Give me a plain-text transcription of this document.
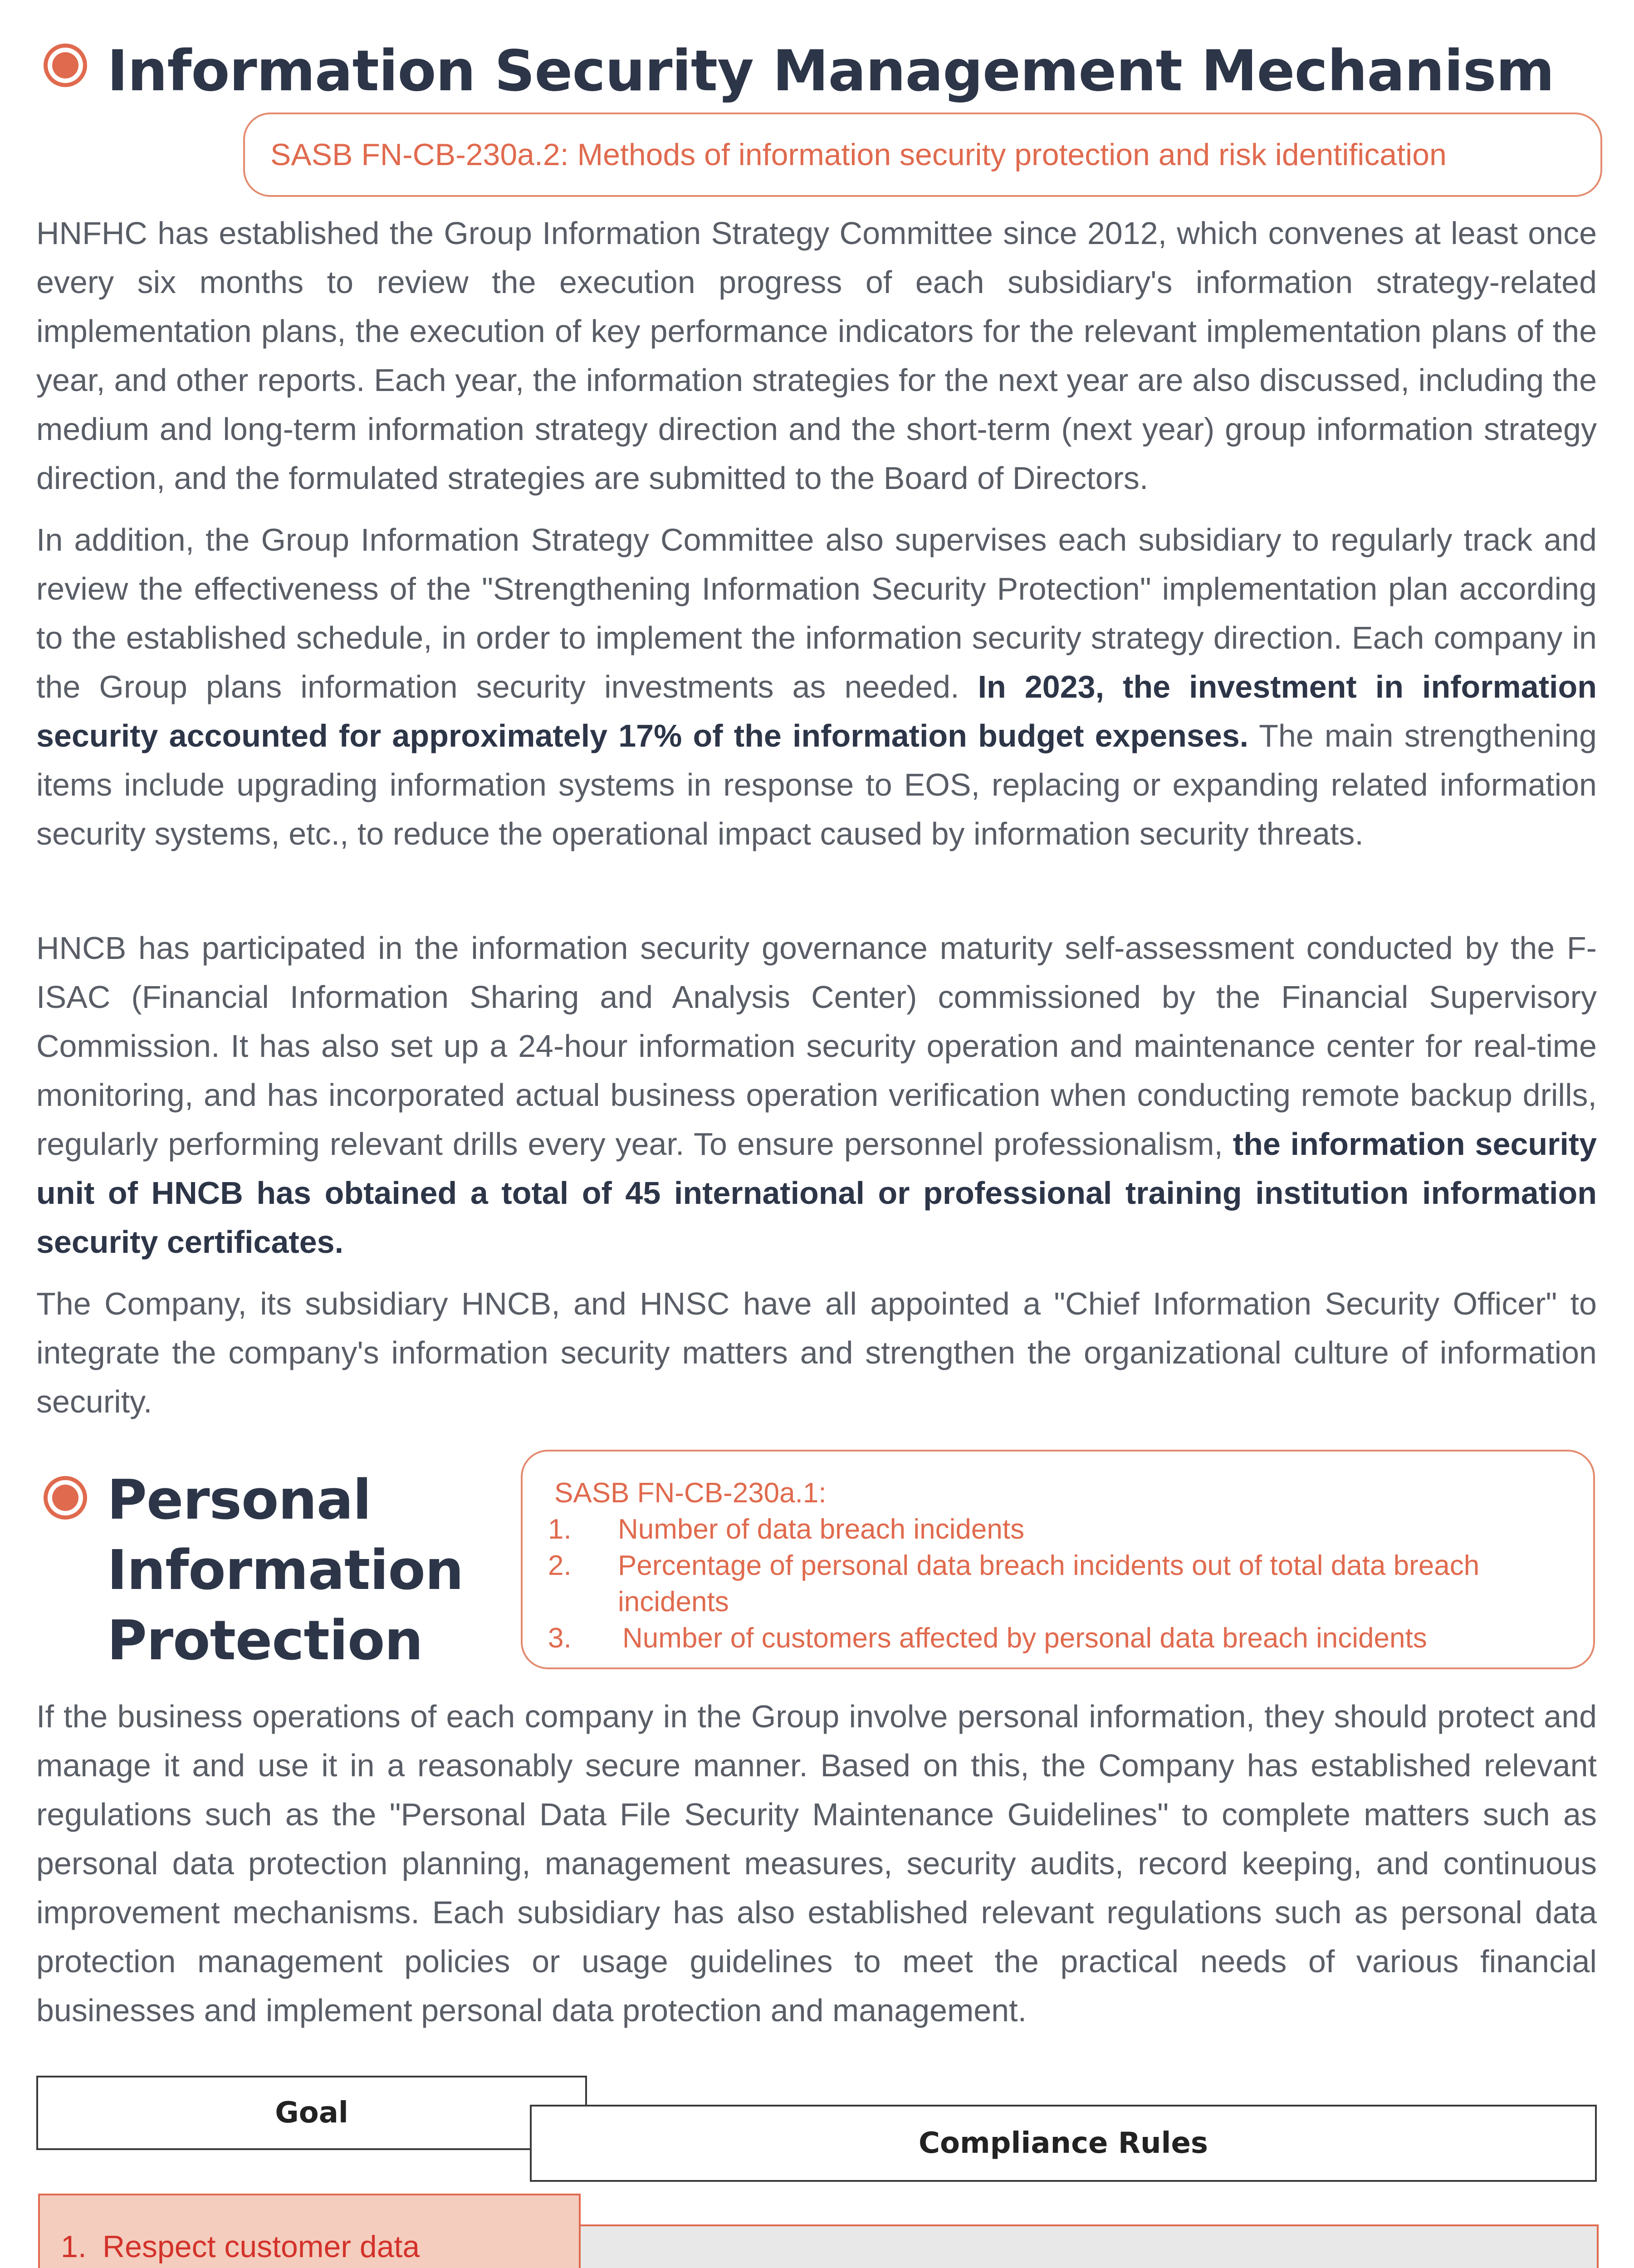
Information Security Management Mechanism
SASB FN-CB-230a.2: Methods of information security protection and risk identification

HNFHC has established the Group Information Strategy Committee since 2012, which convenes at least once every six months to review the execution progress of each subsidiary's information strategy-related implementation plans, the execution of key performance indicators for the relevant implementation plans of the year, and other reports. Each year, the information strategies for the next year are also discussed, including the medium and long-term information strategy direction and the short-term (next year) group information strategy direction, and the formulated strategies are submitted to the Board of Directors.

In addition, the Group Information Strategy Committee also supervises each subsidiary to regularly track and review the effectiveness of the "Strengthening Information Security Protection" implementation plan according to the established schedule, in order to implement the information security strategy direction. Each company in the Group plans information security investments as needed. In 2023, the investment in information security accounted for approximately 17% of the information budget expenses. The main strengthening items include upgrading information systems in response to EOS, replacing or expanding related information security systems, etc., to reduce the operational impact caused by information security threats.

HNCB has participated in the information security governance maturity self-assessment conducted by the F-ISAC (Financial Information Sharing and Analysis Center) commissioned by the Financial Supervisory Commission. It has also set up a 24-hour information security operation and maintenance center for real-time monitoring, and has incorporated actual business operation verification when conducting remote backup drills, regularly performing relevant drills every year. To ensure personnel professionalism, the information security unit of HNCB has obtained a total of 45 international or professional training institution information security certificates.

The Company, its subsidiary HNCB, and HNSC have all appointed a "Chief Information Security Officer" to integrate the company's information security matters and strengthen the organizational culture of information security.

Personal
Information
Protection
SASB FN-CB-230a.1:
1. Number of data breach incidents
2. Percentage of personal data breach incidents out of total data breach incidents
3. Number of customers affected by personal data breach incidents

If the business operations of each company in the Group involve personal information, they should protect and manage it and use it in a reasonably secure manner. Based on this, the Company has established relevant regulations such as the "Personal Data File Security Maintenance Guidelines" to complete matters such as personal data protection planning, management measures, security audits, record keeping, and continuous improvement mechanisms. Each subsidiary has also established relevant regulations such as personal data protection management policies or usage guidelines to meet the practical needs of various financial businesses and implement personal data protection and management.

Goal
Compliance Rules
1. Respect customer data
